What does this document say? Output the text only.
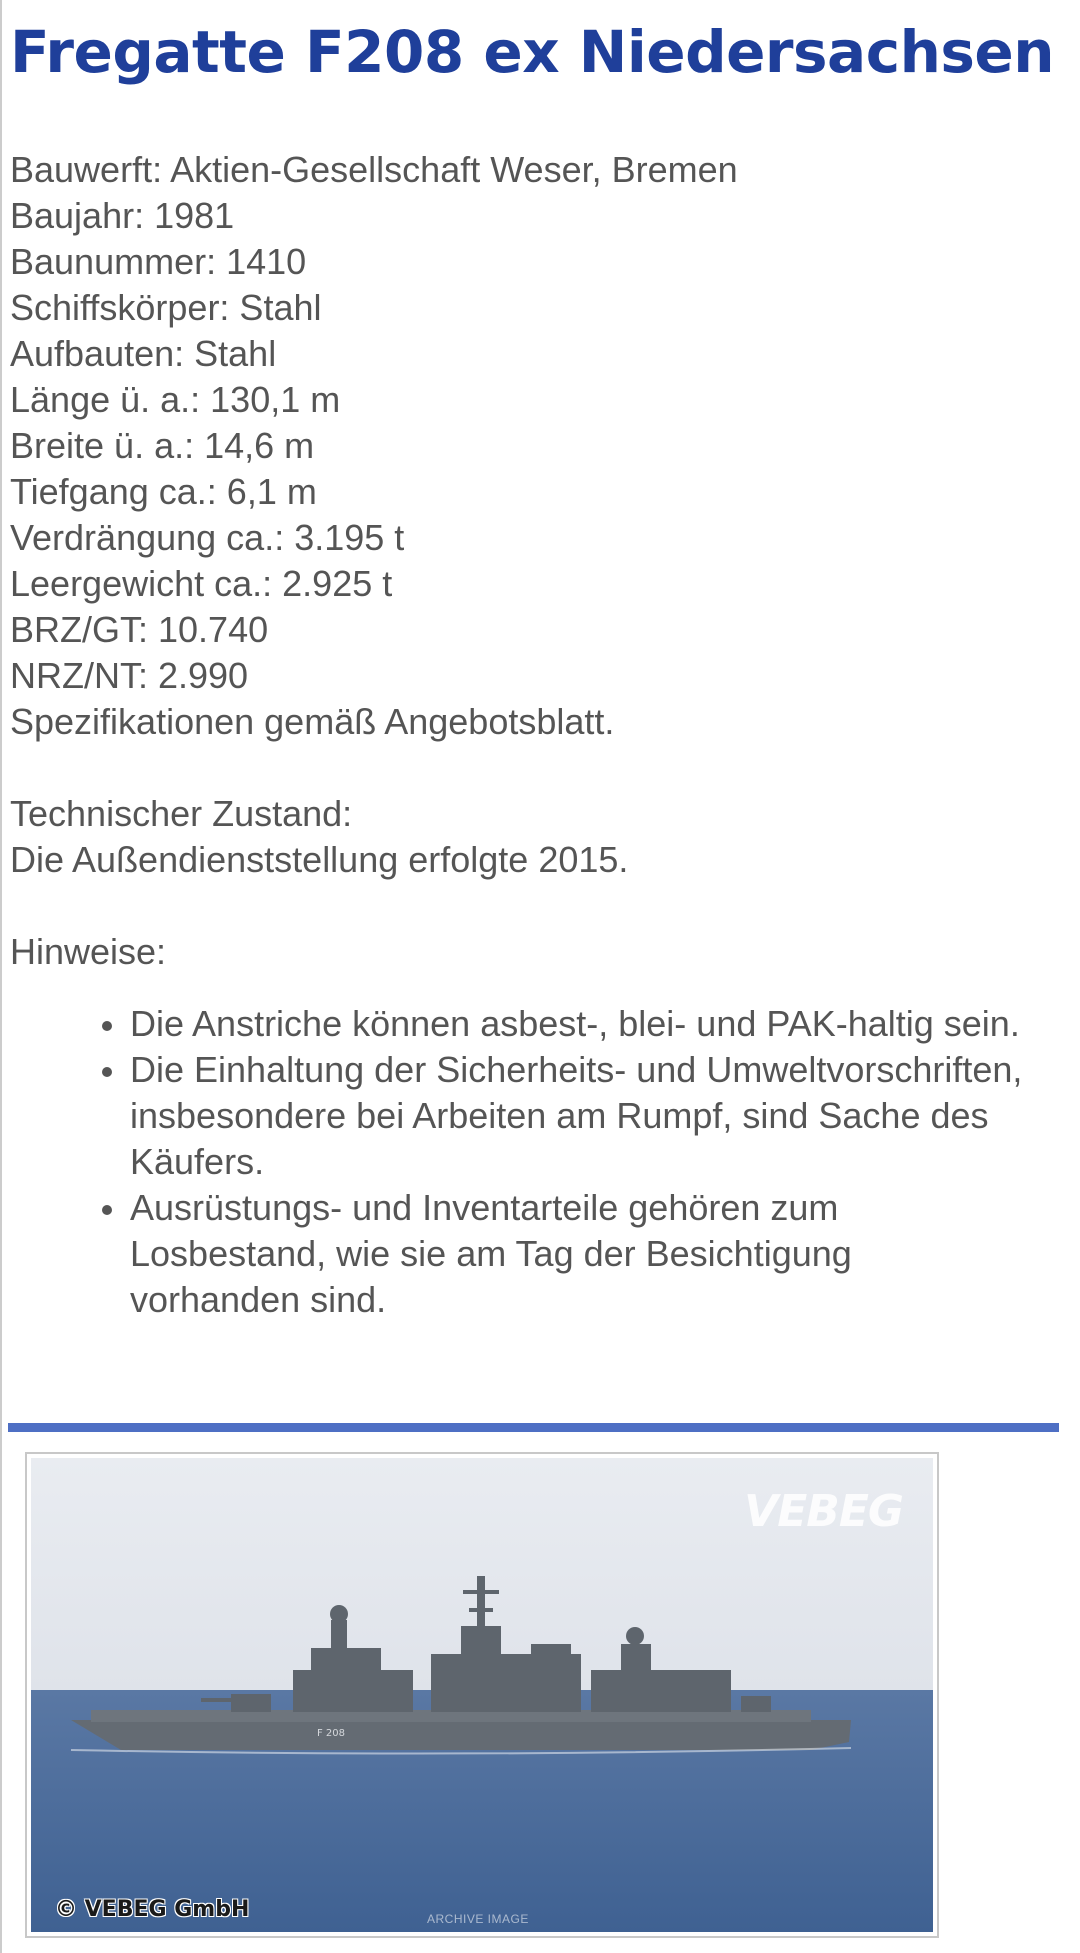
Fregatte F208 ex Niedersachsen
Bauwerft: Aktien-Gesellschaft Weser, Bremen
Baujahr: 1981
Baunummer: 1410
Schiffskörper: Stahl
Aufbauten: Stahl
Länge ü. a.: 130,1 m
Breite ü. a.: 14,6 m
Tiefgang ca.: 6,1 m
Verdrängung ca.: 3.195 t
Leergewicht ca.: 2.925 t
BRZ/GT: 10.740
NRZ/NT: 2.990
Spezifikationen gemäß Angebotsblatt.
Technischer Zustand:
Die Außendienststellung erfolgte 2015.
Hinweise:
Die Anstriche können asbest-, blei- und PAK-haltig sein.
Die Einhaltung der Sicherheits- und Umweltvorschriften, insbesondere bei Arbeiten am Rumpf, sind Sache des Käufers.
Ausrüstungs- und Inventarteile gehören zum Losbestand, wie sie am Tag der Besichtigung vorhanden sind.
F 208
VEBEG
© VEBEG GmbH	ARCHIVE IMAGE
